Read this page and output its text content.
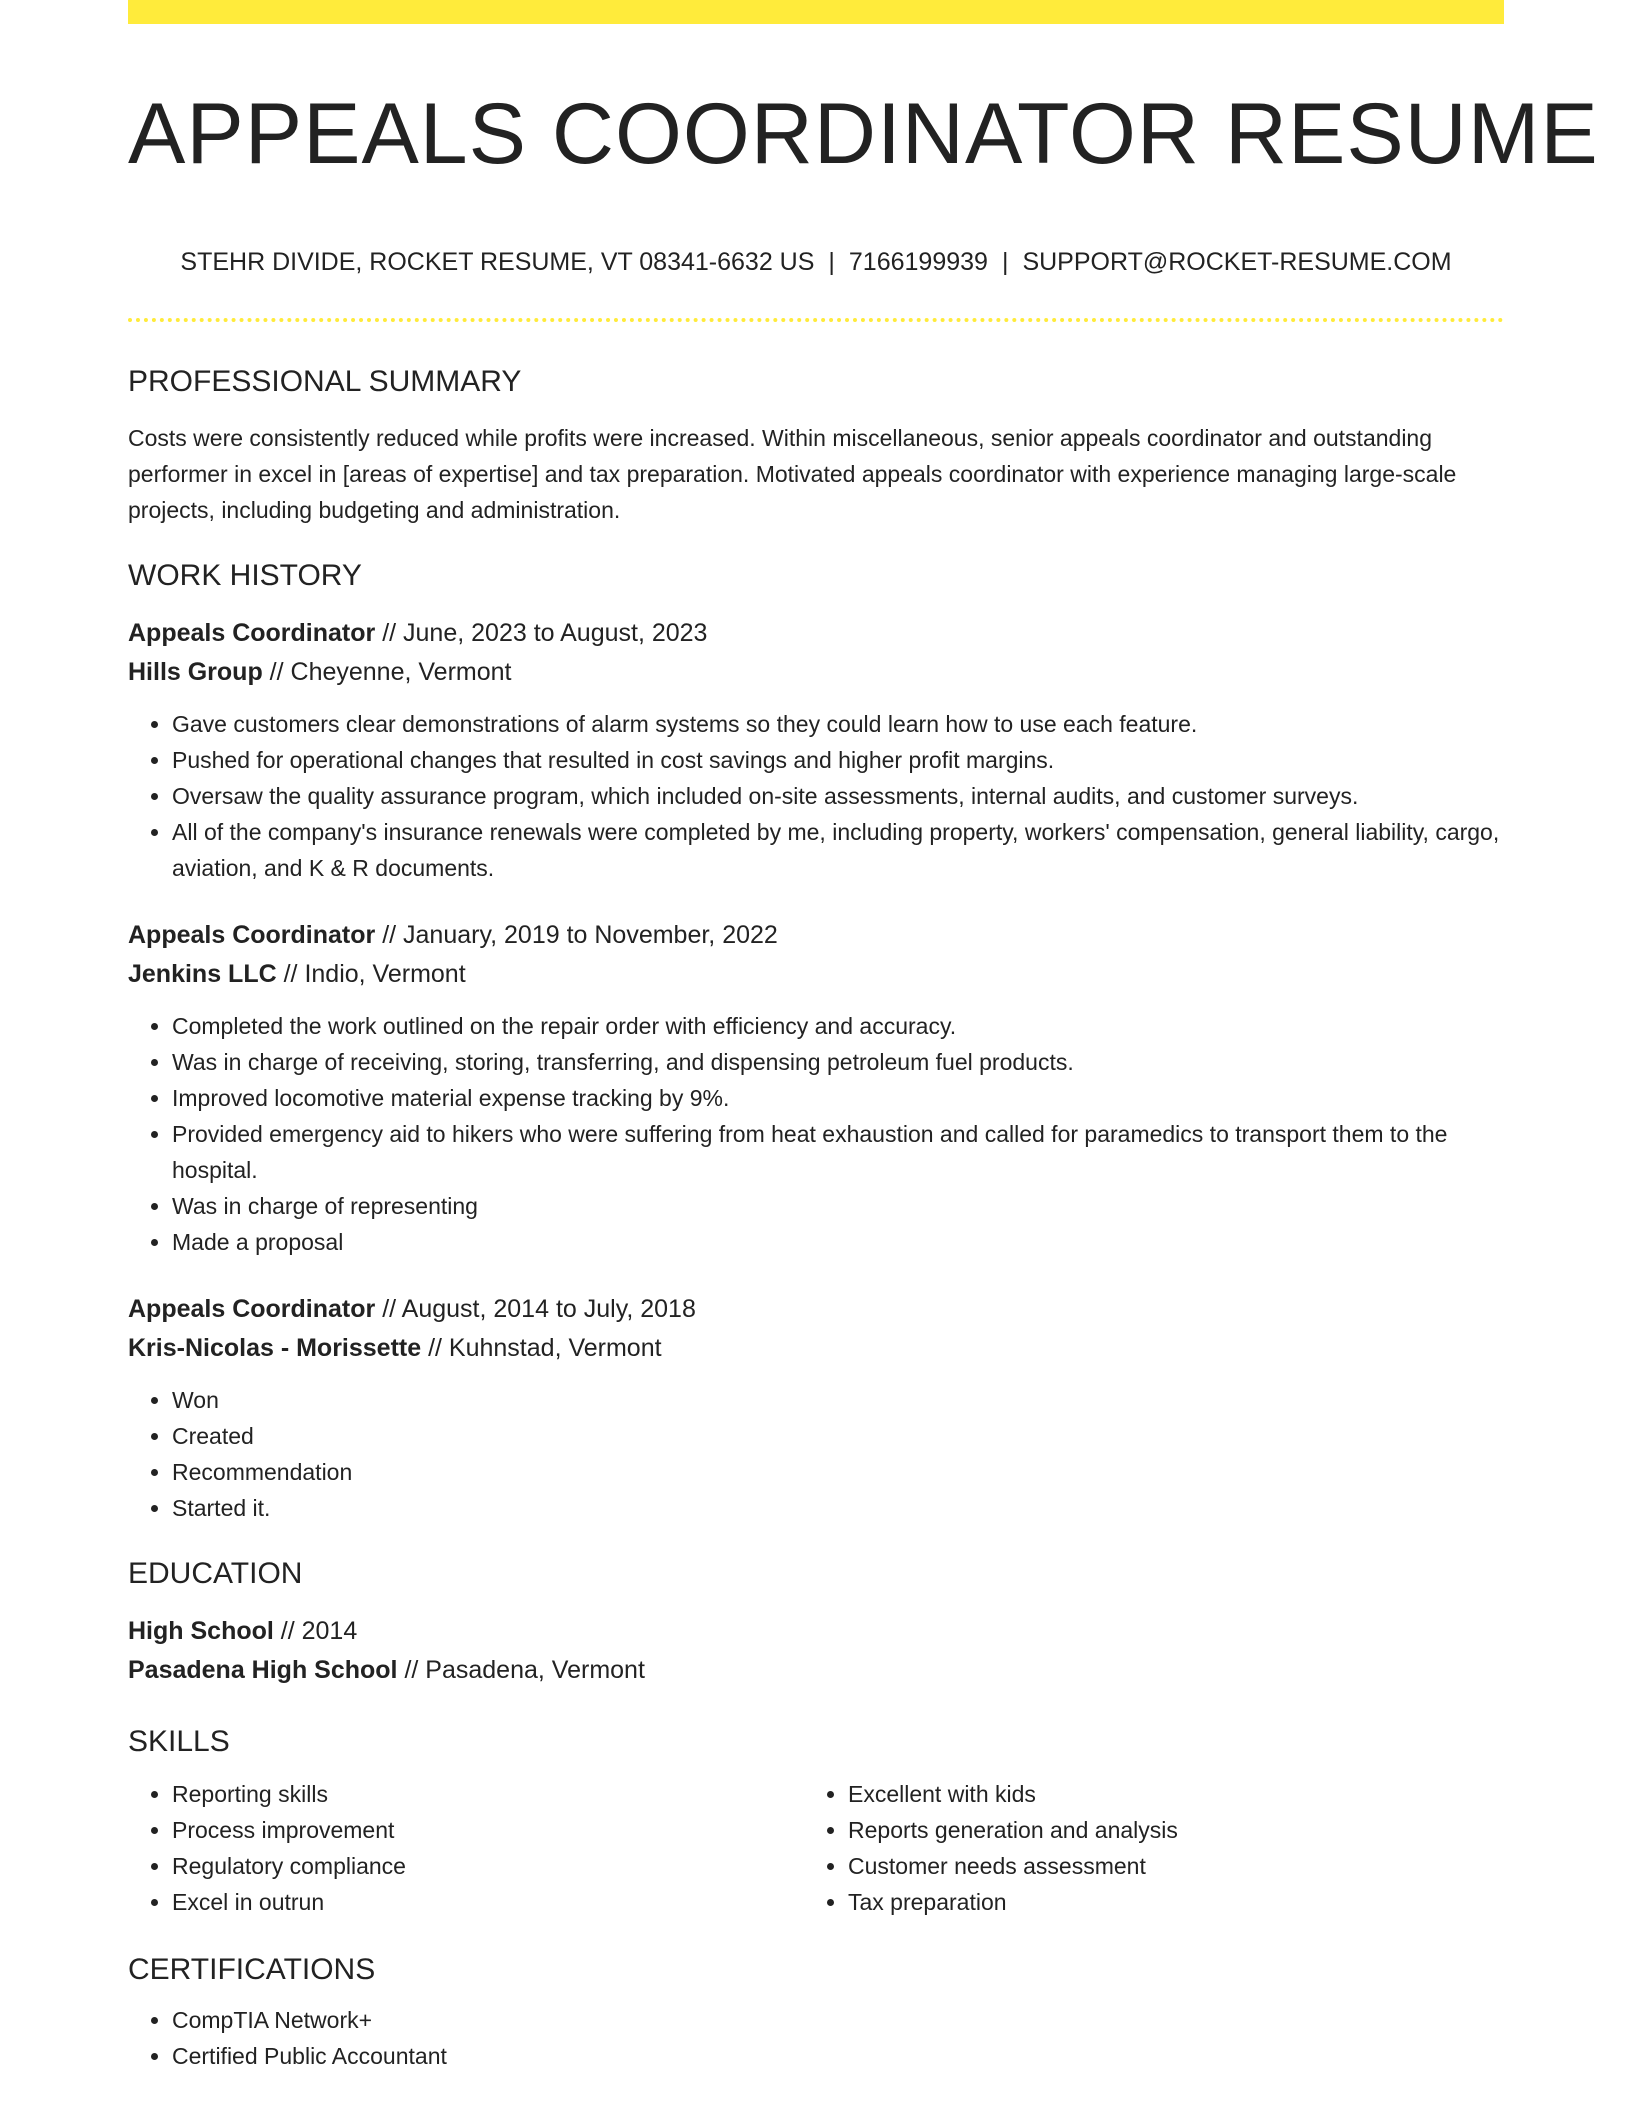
APPEALS COORDINATOR RESUME
STEHR DIVIDE, ROCKET RESUME, VT 08341-6632 US | 7166199939 | SUPPORT@ROCKET-RESUME.COM
PROFESSIONAL SUMMARY
Costs were consistently reduced while profits were increased. Within miscellaneous, senior appeals coordinator and outstanding performer in excel in [areas of expertise] and tax preparation. Motivated appeals coordinator with experience managing large-scale projects, including budgeting and administration.
WORK HISTORY
Appeals Coordinator // June, 2023 to August, 2023
Hills Group // Cheyenne, Vermont
• Gave customers clear demonstrations of alarm systems so they could learn how to use each feature.
• Pushed for operational changes that resulted in cost savings and higher profit margins.
• Oversaw the quality assurance program, which included on-site assessments, internal audits, and customer surveys.
• All of the company's insurance renewals were completed by me, including property, workers' compensation, general liability, cargo, aviation, and K & R documents.
Appeals Coordinator // January, 2019 to November, 2022
Jenkins LLC // Indio, Vermont
• Completed the work outlined on the repair order with efficiency and accuracy.
• Was in charge of receiving, storing, transferring, and dispensing petroleum fuel products.
• Improved locomotive material expense tracking by 9%.
• Provided emergency aid to hikers who were suffering from heat exhaustion and called for paramedics to transport them to the hospital.
• Was in charge of representing
• Made a proposal
Appeals Coordinator // August, 2014 to July, 2018
Kris-Nicolas - Morissette // Kuhnstad, Vermont
• Won
• Created
• Recommendation
• Started it.
EDUCATION
High School // 2014
Pasadena High School // Pasadena, Vermont
SKILLS
• Reporting skills
• Process improvement
• Regulatory compliance
• Excel in outrun
• Excellent with kids
• Reports generation and analysis
• Customer needs assessment
• Tax preparation
CERTIFICATIONS
• CompTIA Network+
• Certified Public Accountant
